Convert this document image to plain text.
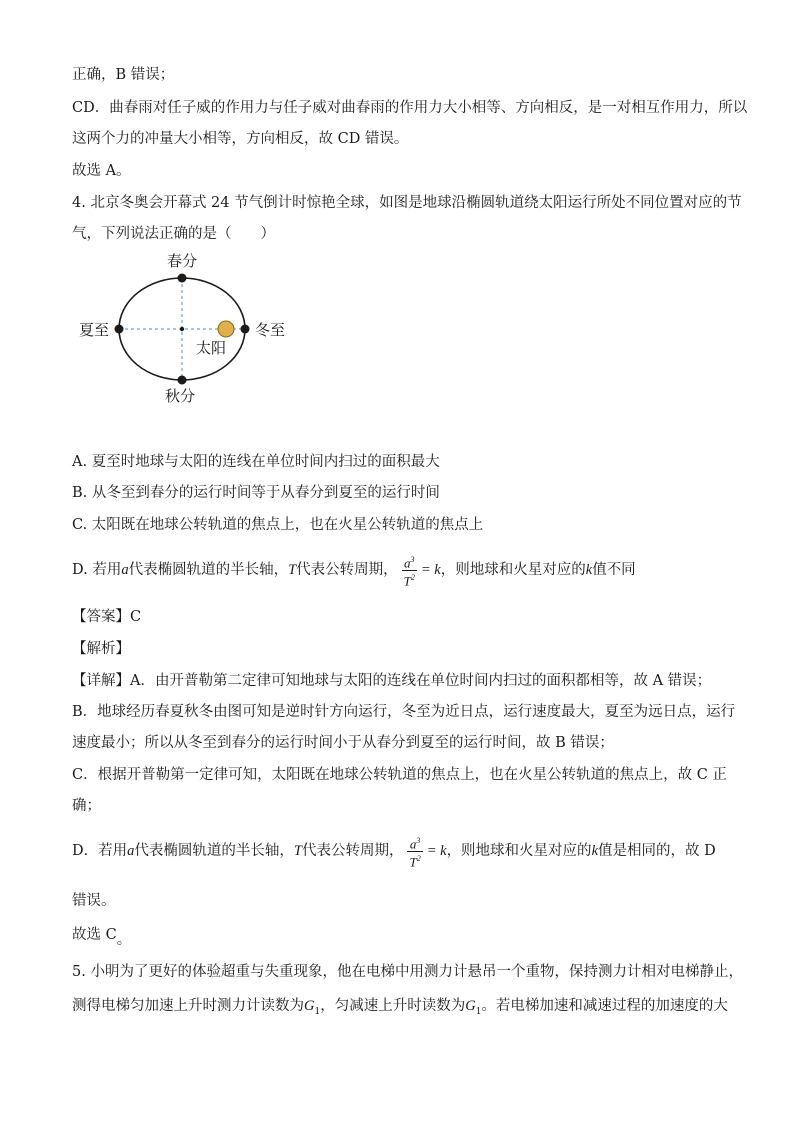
正确，B 错误；
CD．曲春雨对任子威的作用力与任子威对曲春雨的作用力大小相等、方向相反，是一对相互作用力，所以
这两个力的冲量大小相等，方向相反，故 CD 错误。
故选 A。
4. 北京冬奥会开幕式 24 节气倒计时惊艳全球，如图是地球沿椭圆轨道绕太阳运行所处不同位置对应的节
气，下列说法正确的是（　　）
春分
夏至	冬至
秋分
太阳
A. 夏至时地球与太阳的连线在单位时间内扫过的面积最大
B. 从冬至到春分的运行时间等于从春分到夏至的运行时间
C. 太阳既在地球公转轨道的焦点上，也在火星公转轨道的焦点上
D. 若用a代表椭圆轨道的半长轴，T代表公转周期， $\frac{a^3}{T^2} = k$，则地球和火星对应的k值不同
【答案】C
【解析】
【详解】A．由开普勒第二定律可知地球与太阳的连线在单位时间内扫过的面积都相等，故 A 错误；
B．地球经历春夏秋冬由图可知是逆时针方向运行，冬至为近日点，运行速度最大，夏至为远日点，运行
速度最小；所以从冬至到春分的运行时间小于从春分到夏至的运行时间，故 B 错误；
C．根据开普勒第一定律可知，太阳既在地球公转轨道的焦点上，也在火星公转轨道的焦点上，故 C 正
确；
D．若用a代表椭圆轨道的半长轴，T代表公转周期， $\frac{a^3}{T^2} = k$，则地球和火星对应的k值是相同的，故 D
错误。
故选 C。
5. 小明为了更好的体验超重与失重现象，他在电梯中用测力计悬吊一个重物，保持测力计相对电梯静止，
测得电梯匀加速上升时测力计读数为$G_1$，匀减速上升时读数为$G_1$。若电梯加速和减速过程的加速度的大
